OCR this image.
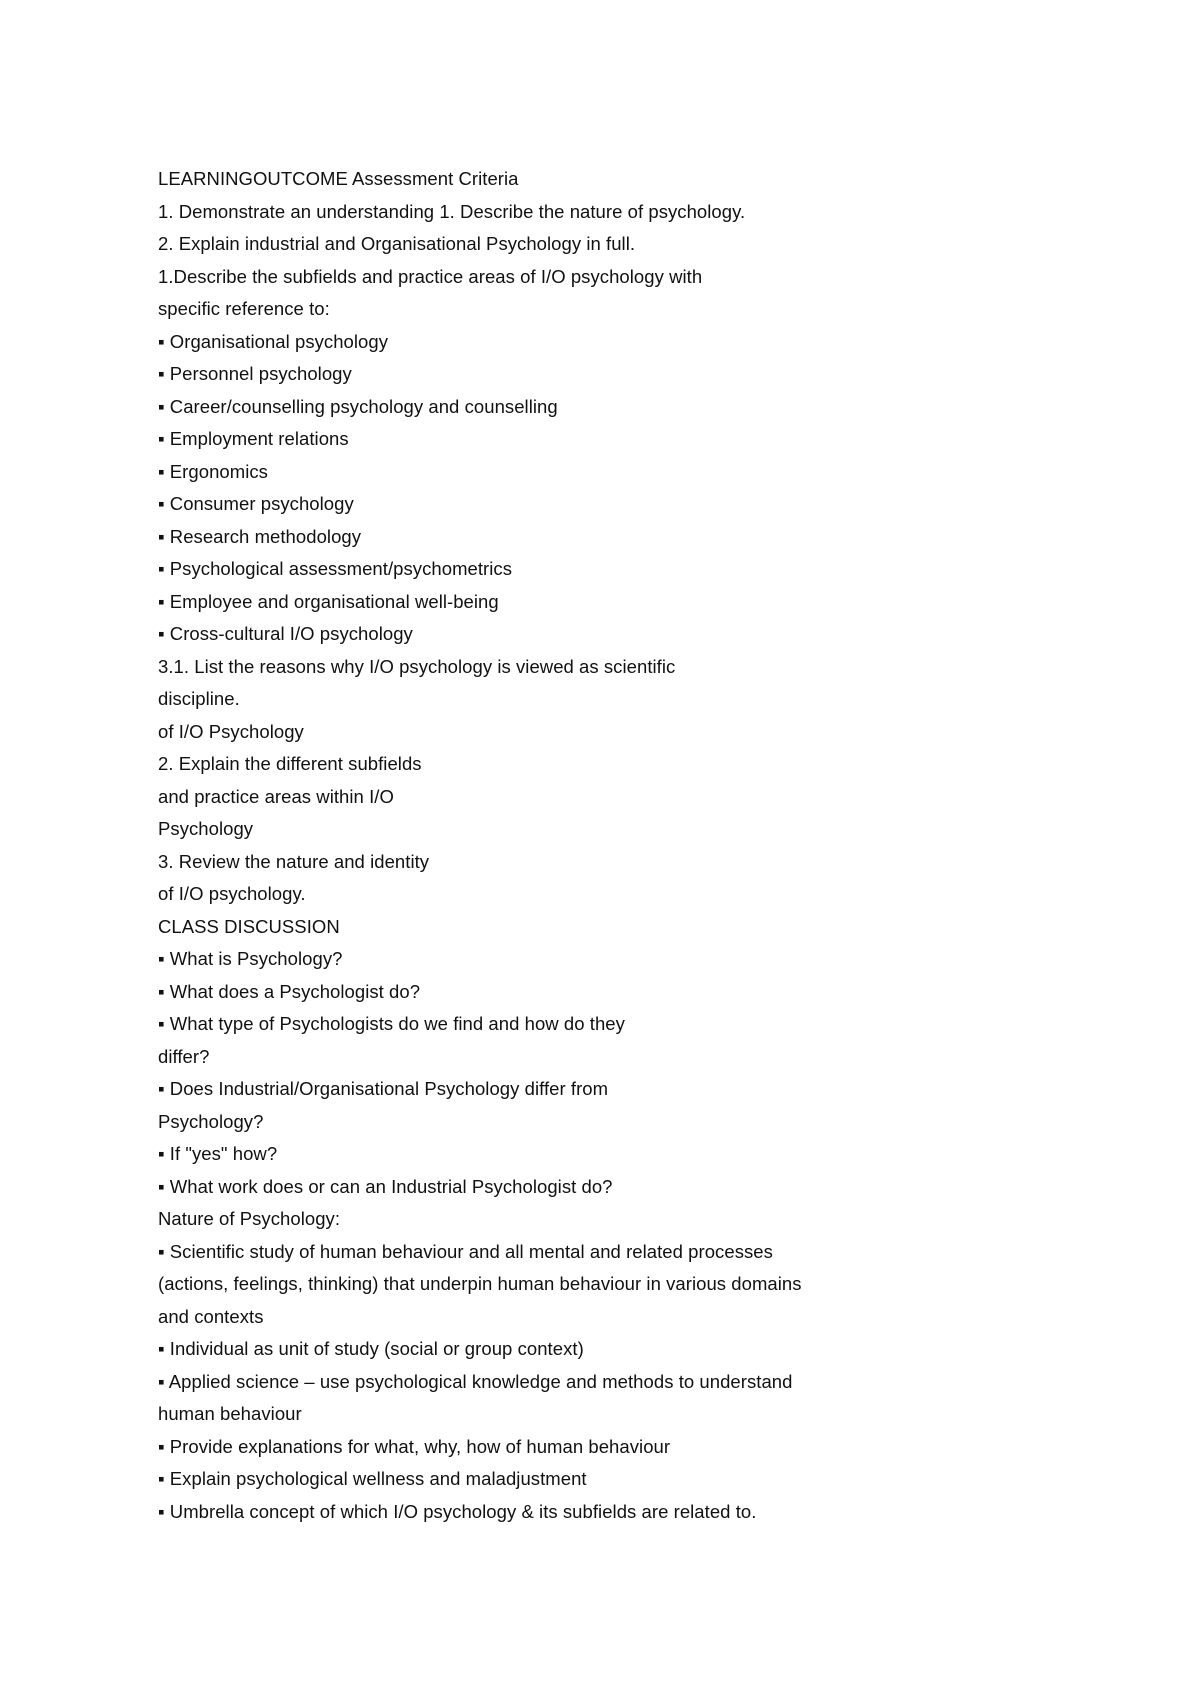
LEARNINGOUTCOME Assessment Criteria
1. Demonstrate an understanding 1. Describe the nature of psychology.
2. Explain industrial and Organisational Psychology in full.
1.Describe the subfields and practice areas of I/O psychology with
specific reference to:
▪ Organisational psychology
▪ Personnel psychology
▪ Career/counselling psychology and counselling
▪ Employment relations
▪ Ergonomics
▪ Consumer psychology
▪ Research methodology
▪ Psychological assessment/psychometrics
▪ Employee and organisational well-being
▪ Cross-cultural I/O psychology
3.1. List the reasons why I/O psychology is viewed as scientific
discipline.
of I/O Psychology
2. Explain the different subfields
and practice areas within I/O
Psychology
3. Review the nature and identity
of I/O psychology.
CLASS DISCUSSION
▪ What is Psychology?
▪ What does a Psychologist do?
▪ What type of Psychologists do we find and how do they
differ?
▪ Does Industrial/Organisational Psychology differ from
Psychology?
▪ If "yes" how?
▪ What work does or can an Industrial Psychologist do?
Nature of Psychology:
▪ Scientific study of human behaviour and all mental and related processes
(actions, feelings, thinking) that underpin human behaviour in various domains
and contexts
▪ Individual as unit of study (social or group context)
▪ Applied science – use psychological knowledge and methods to understand
human behaviour
▪ Provide explanations for what, why, how of human behaviour
▪ Explain psychological wellness and maladjustment
▪ Umbrella concept of which I/O psychology & its subfields are related to.
